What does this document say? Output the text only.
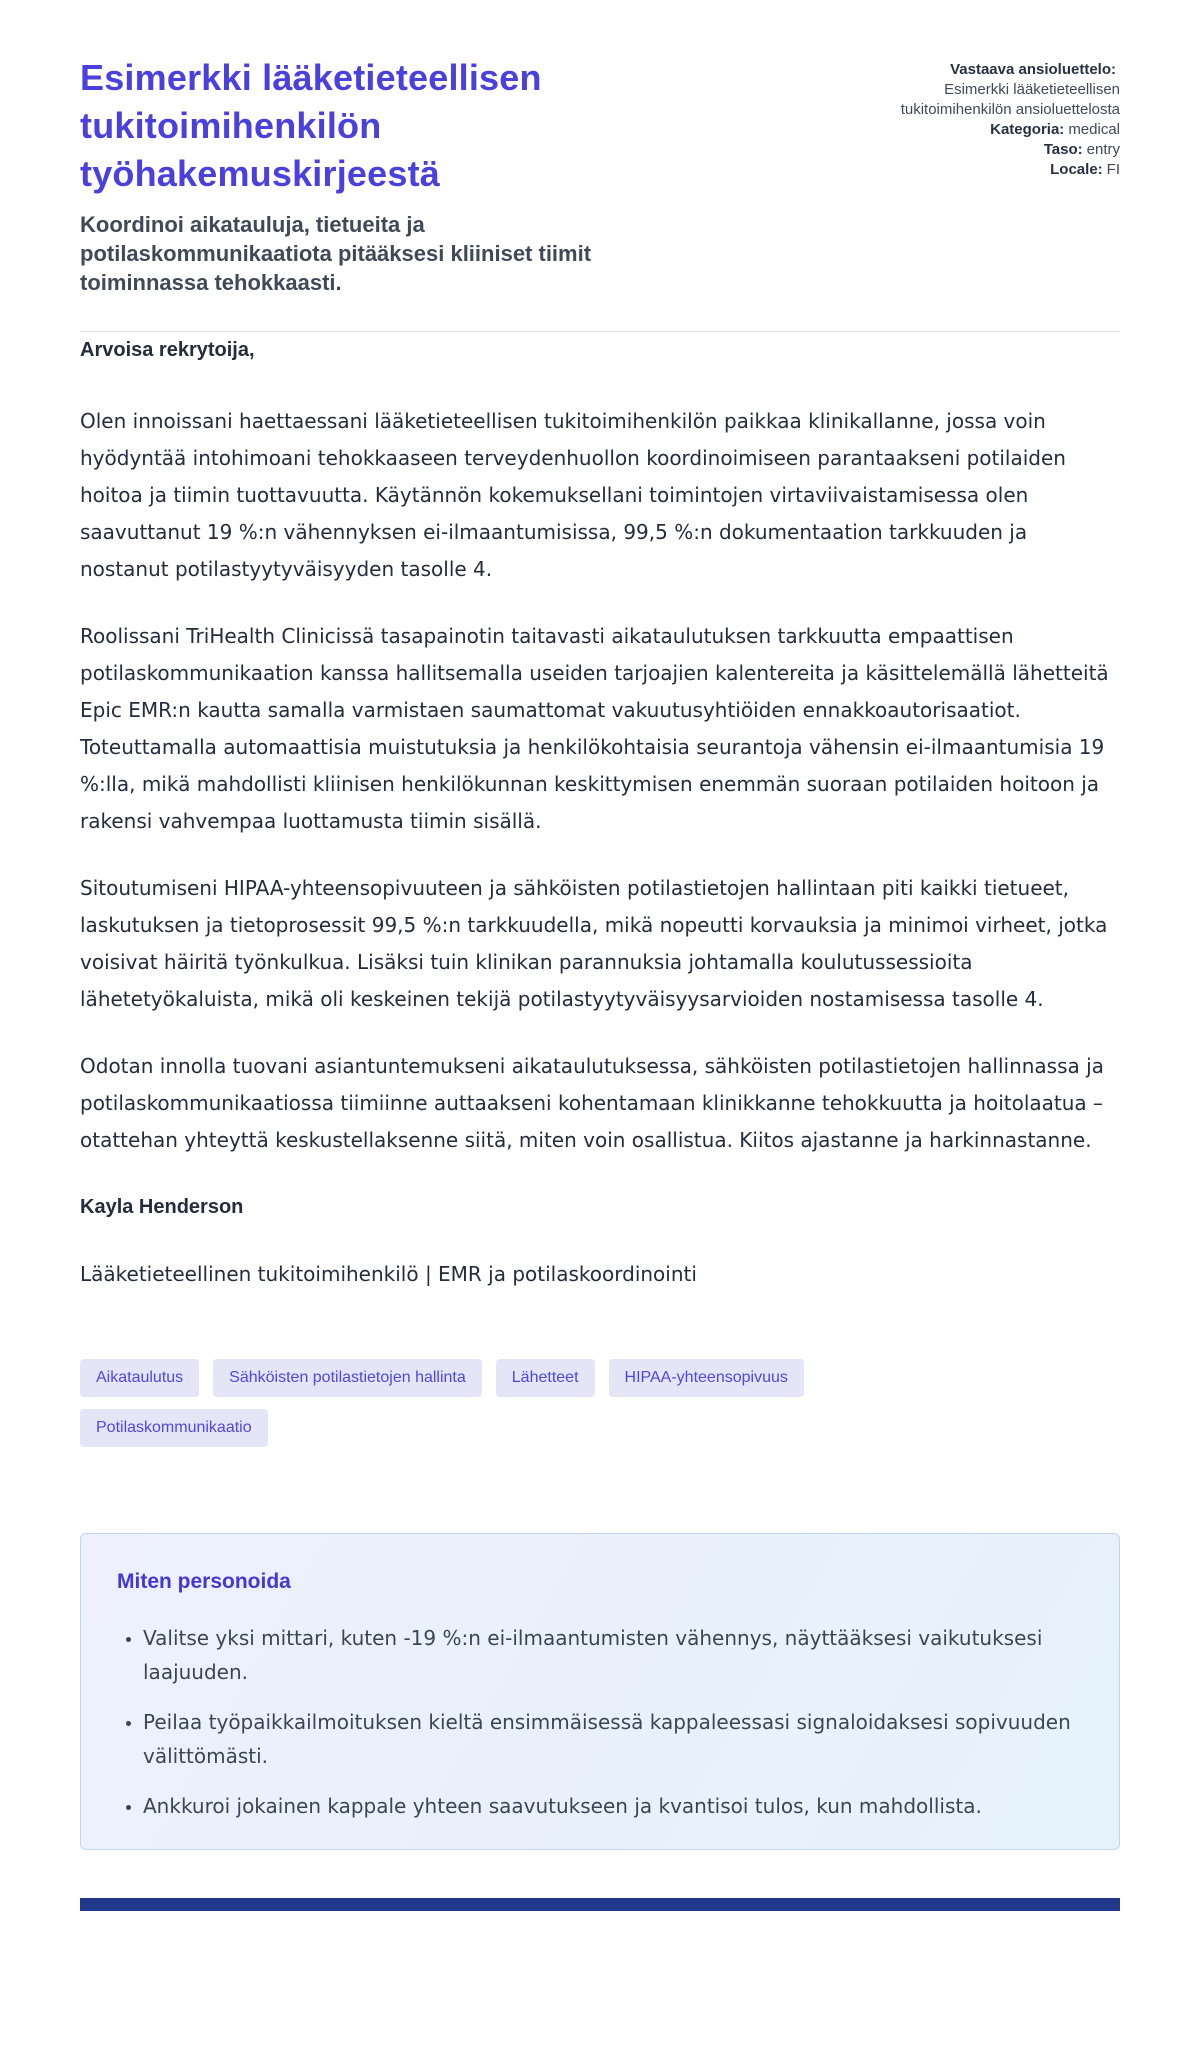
Esimerkki lääketieteellisen tukitoimihenkilön työhakemuskirjeestä

Koordinoi aikatauluja, tietueita ja potilaskommunikaatiota pitääksesi kliiniset tiimit toiminnassa tehokkaasti.

Vastaava ansioluettelo:
Esimerkki lääketieteellisen tukitoimihenkilön ansioluettelosta
Kategoria: medical
Taso: entry
Locale: FI

Arvoisa rekrytoija,

Olen innoissani haettaessani lääketieteellisen tukitoimihenkilön paikkaa klinikallanne, jossa voin hyödyntää intohimoani tehokkaaseen terveydenhuollon koordinoimiseen parantaakseni potilaiden hoitoa ja tiimin tuottavuutta. Käytännön kokemuksellani toimintojen virtaviivaistamisessa olen saavuttanut 19 %:n vähennyksen ei-ilmaantumisissa, 99,5 %:n dokumentaation tarkkuuden ja nostanut potilastyytyväisyyden tasolle 4.

Roolissani TriHealth Clinicissä tasapainotin taitavasti aikataulutuksen tarkkuutta empaattisen potilaskommunikaation kanssa hallitsemalla useiden tarjoajien kalentereita ja käsittelemällä lähetteitä Epic EMR:n kautta samalla varmistaen saumattomat vakuutusyhtiöiden ennakkoautorisaatiot. Toteuttamalla automaattisia muistutuksia ja henkilökohtaisia seurantoja vähensin ei-ilmaantumisia 19 %:lla, mikä mahdollisti kliinisen henkilökunnan keskittymisen enemmän suoraan potilaiden hoitoon ja rakensi vahvempaa luottamusta tiimin sisällä.

Sitoutumiseni HIPAA-yhteensopivuuteen ja sähköisten potilastietojen hallintaan piti kaikki tietueet, laskutuksen ja tietoprosessit 99,5 %:n tarkkuudella, mikä nopeutti korvauksia ja minimoi virheet, jotka voisivat häiritä työnkulkua. Lisäksi tuin klinikan parannuksia johtamalla koulutussessioita lähetetyökaluista, mikä oli keskeinen tekijä potilastyytyväisyysarvioiden nostamisessa tasolle 4.

Odotan innolla tuovani asiantuntemukseni aikataulutuksessa, sähköisten potilastietojen hallinnassa ja potilaskommunikaatiossa tiimiinne auttaakseni kohentamaan klinikkanne tehokkuutta ja hoitolaatua – otattehan yhteyttä keskustellaksenne siitä, miten voin osallistua. Kiitos ajastanne ja harkinnastanne.

Kayla Henderson

Lääketieteellinen tukitoimihenkilö | EMR ja potilaskoordinointi

Aikataulutus	Sähköisten potilastietojen hallinta	Lähetteet	HIPAA-yhteensopivuus
Potilaskommunikaatio
Miten personoida
• Valitse yksi mittari, kuten -19 %:n ei-ilmaantumisten vähennys, näyttääksesi vaikutuksesi laajuuden.
• Peilaa työpaikkailmoituksen kieltä ensimmäisessä kappaleessasi signaloidaksesi sopivuuden välittömästi.
• Ankkuroi jokainen kappale yhteen saavutukseen ja kvantisoi tulos, kun mahdollista.
